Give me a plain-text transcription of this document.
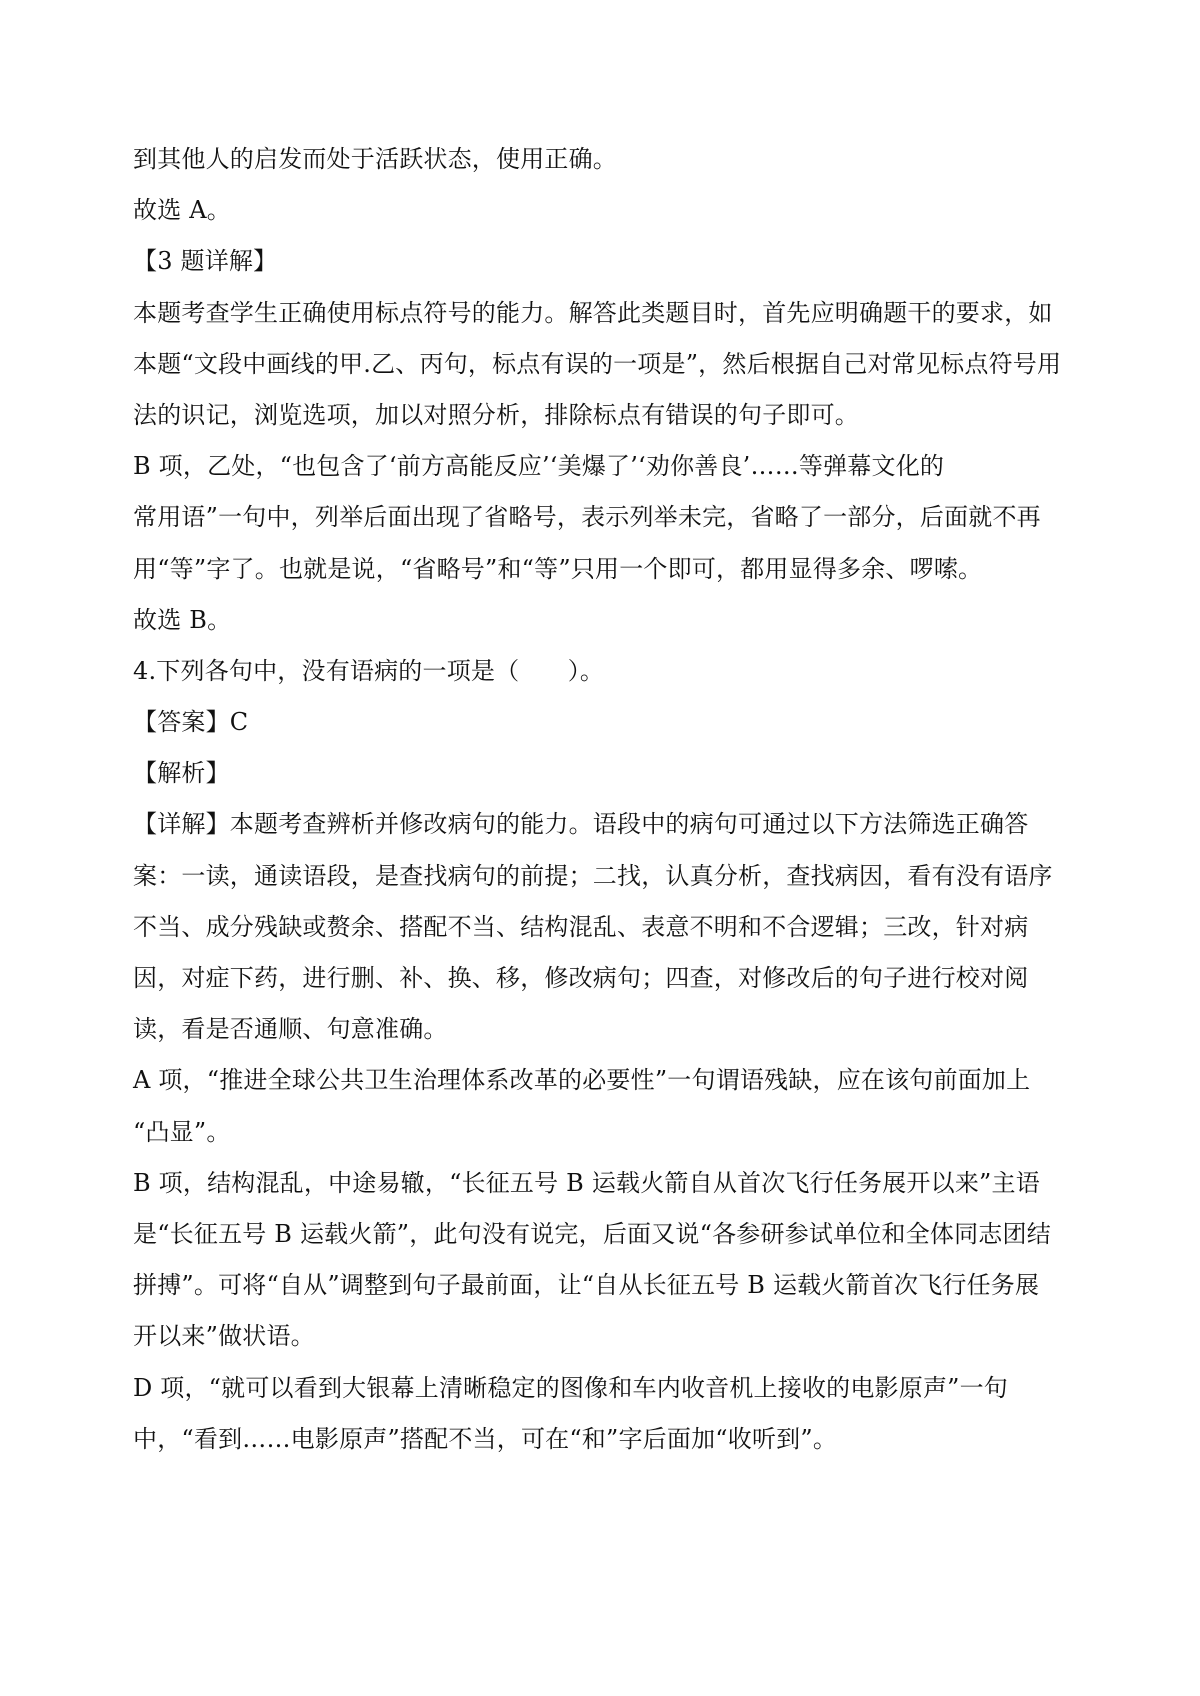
到其他人的启发而处于活跃状态，使用正确。
故选 A。
【3 题详解】
本题考查学生正确使用标点符号的能力。解答此类题目时，首先应明确题干的要求，如
本题“文段中画线的甲.乙、丙句，标点有误的一项是”，然后根据自己对常见标点符号用
法的识记，浏览选项，加以对照分析，排除标点有错误的句子即可。
B 项，乙处，“也包含了‘前方高能反应’‘美爆了’‘劝你善良’……等弹幕文化的
常用语”一句中，列举后面出现了省略号，表示列举未完，省略了一部分，后面就不再
用“等”字了。也就是说，“省略号”和“等”只用一个即可，都用显得多余、啰嗦。
故选 B。
4.下列各句中，没有语病的一项是（　　）。
【答案】C
【解析】
【详解】本题考查辨析并修改病句的能力。语段中的病句可通过以下方法筛选正确答
案：一读，通读语段，是查找病句的前提；二找，认真分析，查找病因，看有没有语序
不当、成分残缺或赘余、搭配不当、结构混乱、表意不明和不合逻辑；三改，针对病
因，对症下药，进行删、补、换、移，修改病句；四查，对修改后的句子进行校对阅
读，看是否通顺、句意准确。
A 项，“推进全球公共卫生治理体系改革的必要性”一句谓语残缺，应在该句前面加上
“凸显”。
B 项，结构混乱，中途易辙，“长征五号 B 运载火箭自从首次飞行任务展开以来”主语
是“长征五号 B 运载火箭”，此句没有说完，后面又说“各参研参试单位和全体同志团结
拼搏”。可将“自从”调整到句子最前面，让“自从长征五号 B 运载火箭首次飞行任务展
开以来”做状语。
D 项，“就可以看到大银幕上清晰稳定的图像和车内收音机上接收的电影原声”一句
中，“看到……电影原声”搭配不当，可在“和”字后面加“收听到”。
